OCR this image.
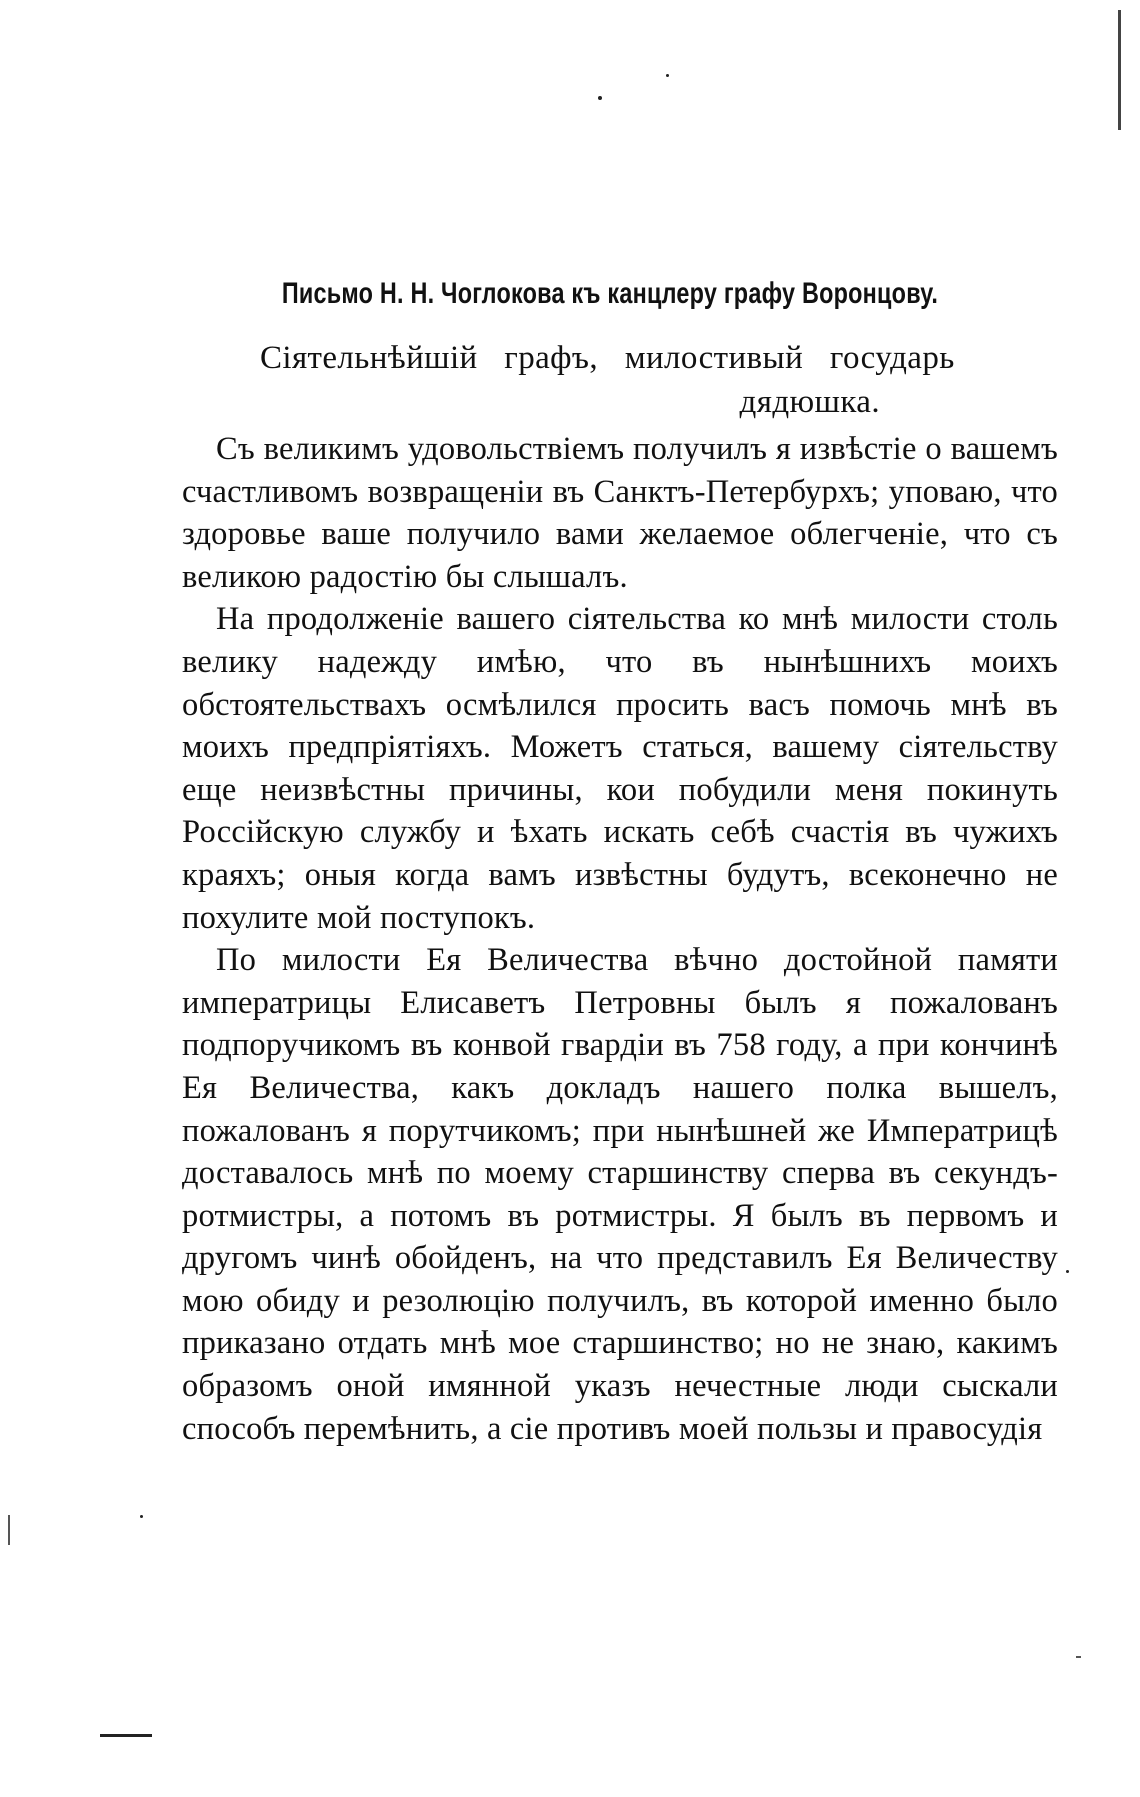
Письмо Н. Н. Чоглокова къ канцлеру графу Воронцову.
Сіятельнѣйшій графъ, милостивый государь
дядюшка.

Съ великимъ удовольствіемъ получилъ я извѣстіе о вашемъ счастливомъ возвращеніи въ Санктъ-Петербурхъ; уповаю, что здоровье ваше получило вами желаемое облегченіе, что съ великою радостію бы слышалъ.

На продолженіе вашего сіятельства ко мнѣ милости столь велику надежду имѣю, что въ нынѣшнихъ моихъ обстоятельствахъ осмѣлился просить васъ помочь мнѣ въ моихъ предпріятіяхъ. Можетъ статься, вашему сіятельству еще неизвѣстны причины, кои побудили меня покинуть Россійскую службу и ѣхать искать себѣ счастія въ чужихъ краяхъ; оныя когда вамъ извѣстны будутъ, всеконечно не похулите мой поступокъ.

По милости Ея Величества вѣчно достойной памяти императрицы Елисаветъ Петровны былъ я пожалованъ подпоручикомъ въ конвой гвардіи въ 758 году, а при кончинѣ Ея Величества, какъ докладъ нашего полка вышелъ, пожалованъ я порутчикомъ; при нынѣшней же Императрицѣ доставалось мнѣ по моему старшинству сперва въ секундъ-ротмистры, а потомъ въ ротмистры. Я былъ въ первомъ и другомъ чинѣ обойденъ, на что представилъ Ея Величеству мою обиду и резолюцію получилъ, въ которой именно было приказано отдать мнѣ мое старшинство; но не знаю, какимъ образомъ оной имянной указъ нечестные люди сыскали способъ перемѣнить, а сіе противъ моей пользы и правосудія
